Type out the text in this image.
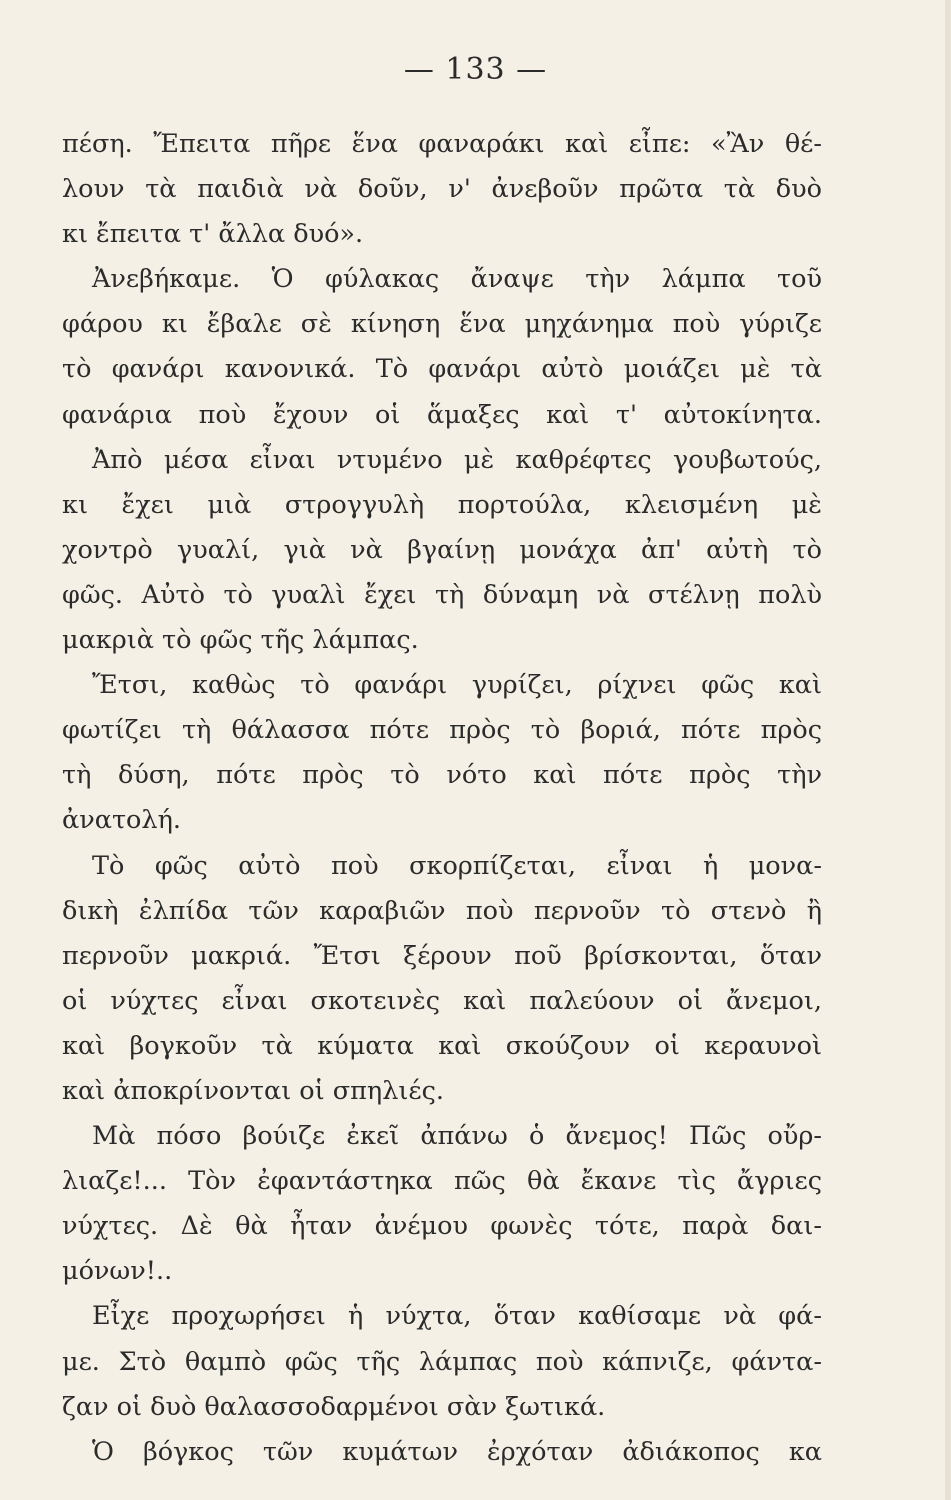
— 133 —
πέση. Ἔπειτα πῆρε ἕνα φαναράκι καὶ εἶπε: «Ἂν θέ-
λουν τὰ παιδιὰ νὰ δοῦν, ν' ἀνεβοῦν πρῶτα τὰ δυὸ
κι ἔπειτα τ' ἄλλα δυό».
Ἀνεβήκαμε. Ὁ φύλακας ἄναψε τὴν λάμπα τοῦ
φάρου κι ἔβαλε σὲ κίνηση ἕνα μηχάνημα ποὺ γύριζε
τὸ φανάρι κανονικά. Τὸ φανάρι αὐτὸ μοιάζει μὲ τὰ
φανάρια ποὺ ἔχουν οἱ ἅμαξες καὶ τ' αὐτοκίνητα.
Ἀπὸ μέσα εἶναι ντυμένο μὲ καθρέφτες γουβωτούς,
κι ἔχει μιὰ στρογγυλὴ πορτούλα, κλεισμένη μὲ
χοντρὸ γυαλί, γιὰ νὰ βγαίνῃ μονάχα ἀπ' αὐτὴ τὸ
φῶς. Αὐτὸ τὸ γυαλὶ ἔχει τὴ δύναμη νὰ στέλνῃ πολὺ
μακριὰ τὸ φῶς τῆς λάμπας.
Ἔτσι, καθὼς τὸ φανάρι γυρίζει, ρίχνει φῶς καὶ
φωτίζει τὴ θάλασσα πότε πρὸς τὸ βοριά, πότε πρὸς
τὴ δύση, πότε πρὸς τὸ νότο καὶ πότε πρὸς τὴν
ἀνατολή.
Τὸ φῶς αὐτὸ ποὺ σκορπίζεται, εἶναι ἡ μονα-
δικὴ ἐλπίδα τῶν καραβιῶν ποὺ περνοῦν τὸ στενὸ ἢ
περνοῦν μακριά. Ἔτσι ξέρουν ποῦ βρίσκονται, ὅταν
οἱ νύχτες εἶναι σκοτεινὲς καὶ παλεύουν οἱ ἄνεμοι,
καὶ βογκοῦν τὰ κύματα καὶ σκούζουν οἱ κεραυνοὶ
καὶ ἀποκρίνονται οἱ σπηλιές.
Μὰ πόσο βούιζε ἐκεῖ ἀπάνω ὁ ἄνεμος! Πῶς οὔρ-
λιαζε!... Τὸν ἐφαντάστηκα πῶς θὰ ἔκανε τὶς ἄγριες
νύχτες. Δὲ θὰ ἦταν ἀνέμου φωνὲς τότε, παρὰ δαι-
μόνων!..
Εἶχε προχωρήσει ἡ νύχτα, ὅταν καθίσαμε νὰ φά-
με. Στὸ θαμπὸ φῶς τῆς λάμπας ποὺ κάπνιζε, φάντα-
ζαν οἱ δυὸ θαλασσοδαρμένοι σὰν ξωτικά.
Ὁ βόγκος τῶν κυμάτων ἐρχόταν ἀδιάκοπος κα
